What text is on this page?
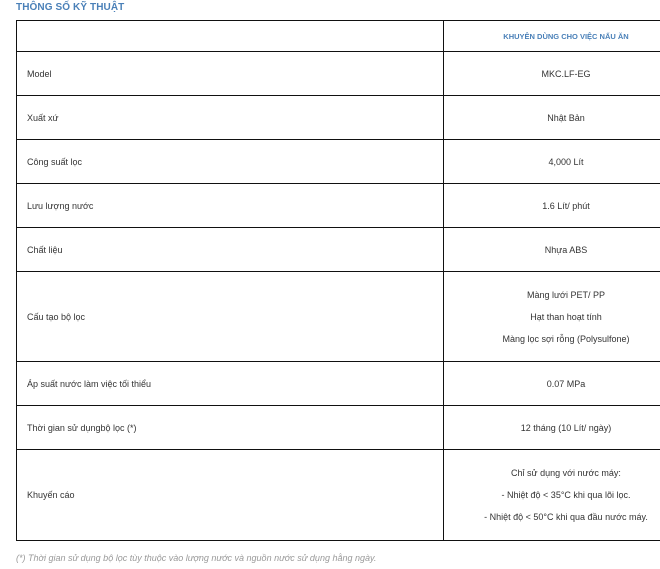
THÔNG SỐ KỸ THUẬT
	KHUYÊN DÙNG CHO VIỆC NẤU ĂN
Model	MKC.LF-EG
Xuất xứ	Nhật Bản
Công suất lọc	4,000 Lít
Lưu lượng nước	1.6 Lít/ phút
Chất liệu	Nhựa ABS
Cấu tạo bộ lọc	Màng lưới PET/ PP
Hạt than hoạt tính
Màng lọc sợi rỗng (Polysulfone)

Áp suất nước làm việc tối thiểu	0.07 MPa
Thời gian sử dụngbộ lọc (*)	12 tháng (10 Lít/ ngày)
Khuyến cáo	Chỉ sử dụng với nước máy:
- Nhiệt độ < 35°C khi qua lõi lọc.
- Nhiệt độ < 50°C khi qua đầu nước máy.
(*) Thời gian sử dụng bộ lọc tùy thuộc vào lượng nước và nguồn nước sử dụng hằng ngày.
